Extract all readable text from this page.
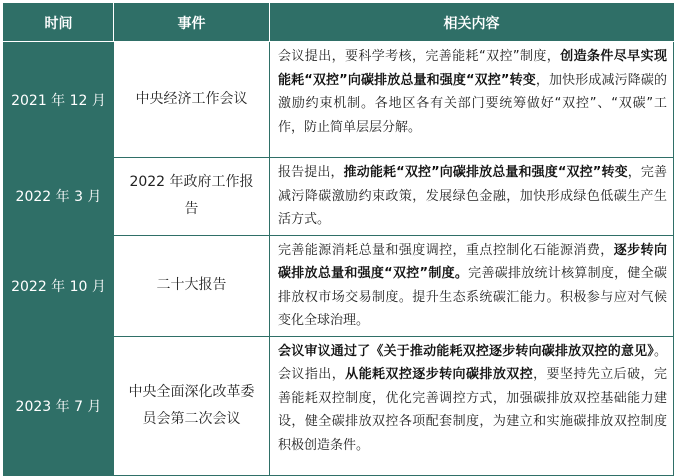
时间	事件	相关内容
2021 年 12 月	中央经济工作会议	会议提出，要科学考核，完善能耗“双控”制度，创造条件尽早实现能耗“双控”向碳排放总量和强度“双控”转变，加快形成减污降碳的激励约束机制。各地区各有关部门要统筹做好“双控”、“双碳”工作，防止简单层层分解。
2022 年 3 月	2022 年政府工作报告	报告提出，推动能耗“双控”向碳排放总量和强度“双控”转变，完善减污降碳激励约束政策，发展绿色金融，加快形成绿色低碳生产生活方式。
2022 年 10 月	二十大报告	完善能源消耗总量和强度调控，重点控制化石能源消费，逐步转向碳排放总量和强度“双控”制度。完善碳排放统计核算制度，健全碳排放权市场交易制度。提升生态系统碳汇能力。积极参与应对气候变化全球治理。
2023 年 7 月	中央全面深化改革委员会第二次会议	会议审议通过了《关于推动能耗双控逐步转向碳排放双控的意见》。会议指出，从能耗双控逐步转向碳排放双控，要坚持先立后破，完善能耗双控制度，优化完善调控方式，加强碳排放双控基础能力建设，健全碳排放双控各项配套制度，为建立和实施碳排放双控制度积极创造条件。
